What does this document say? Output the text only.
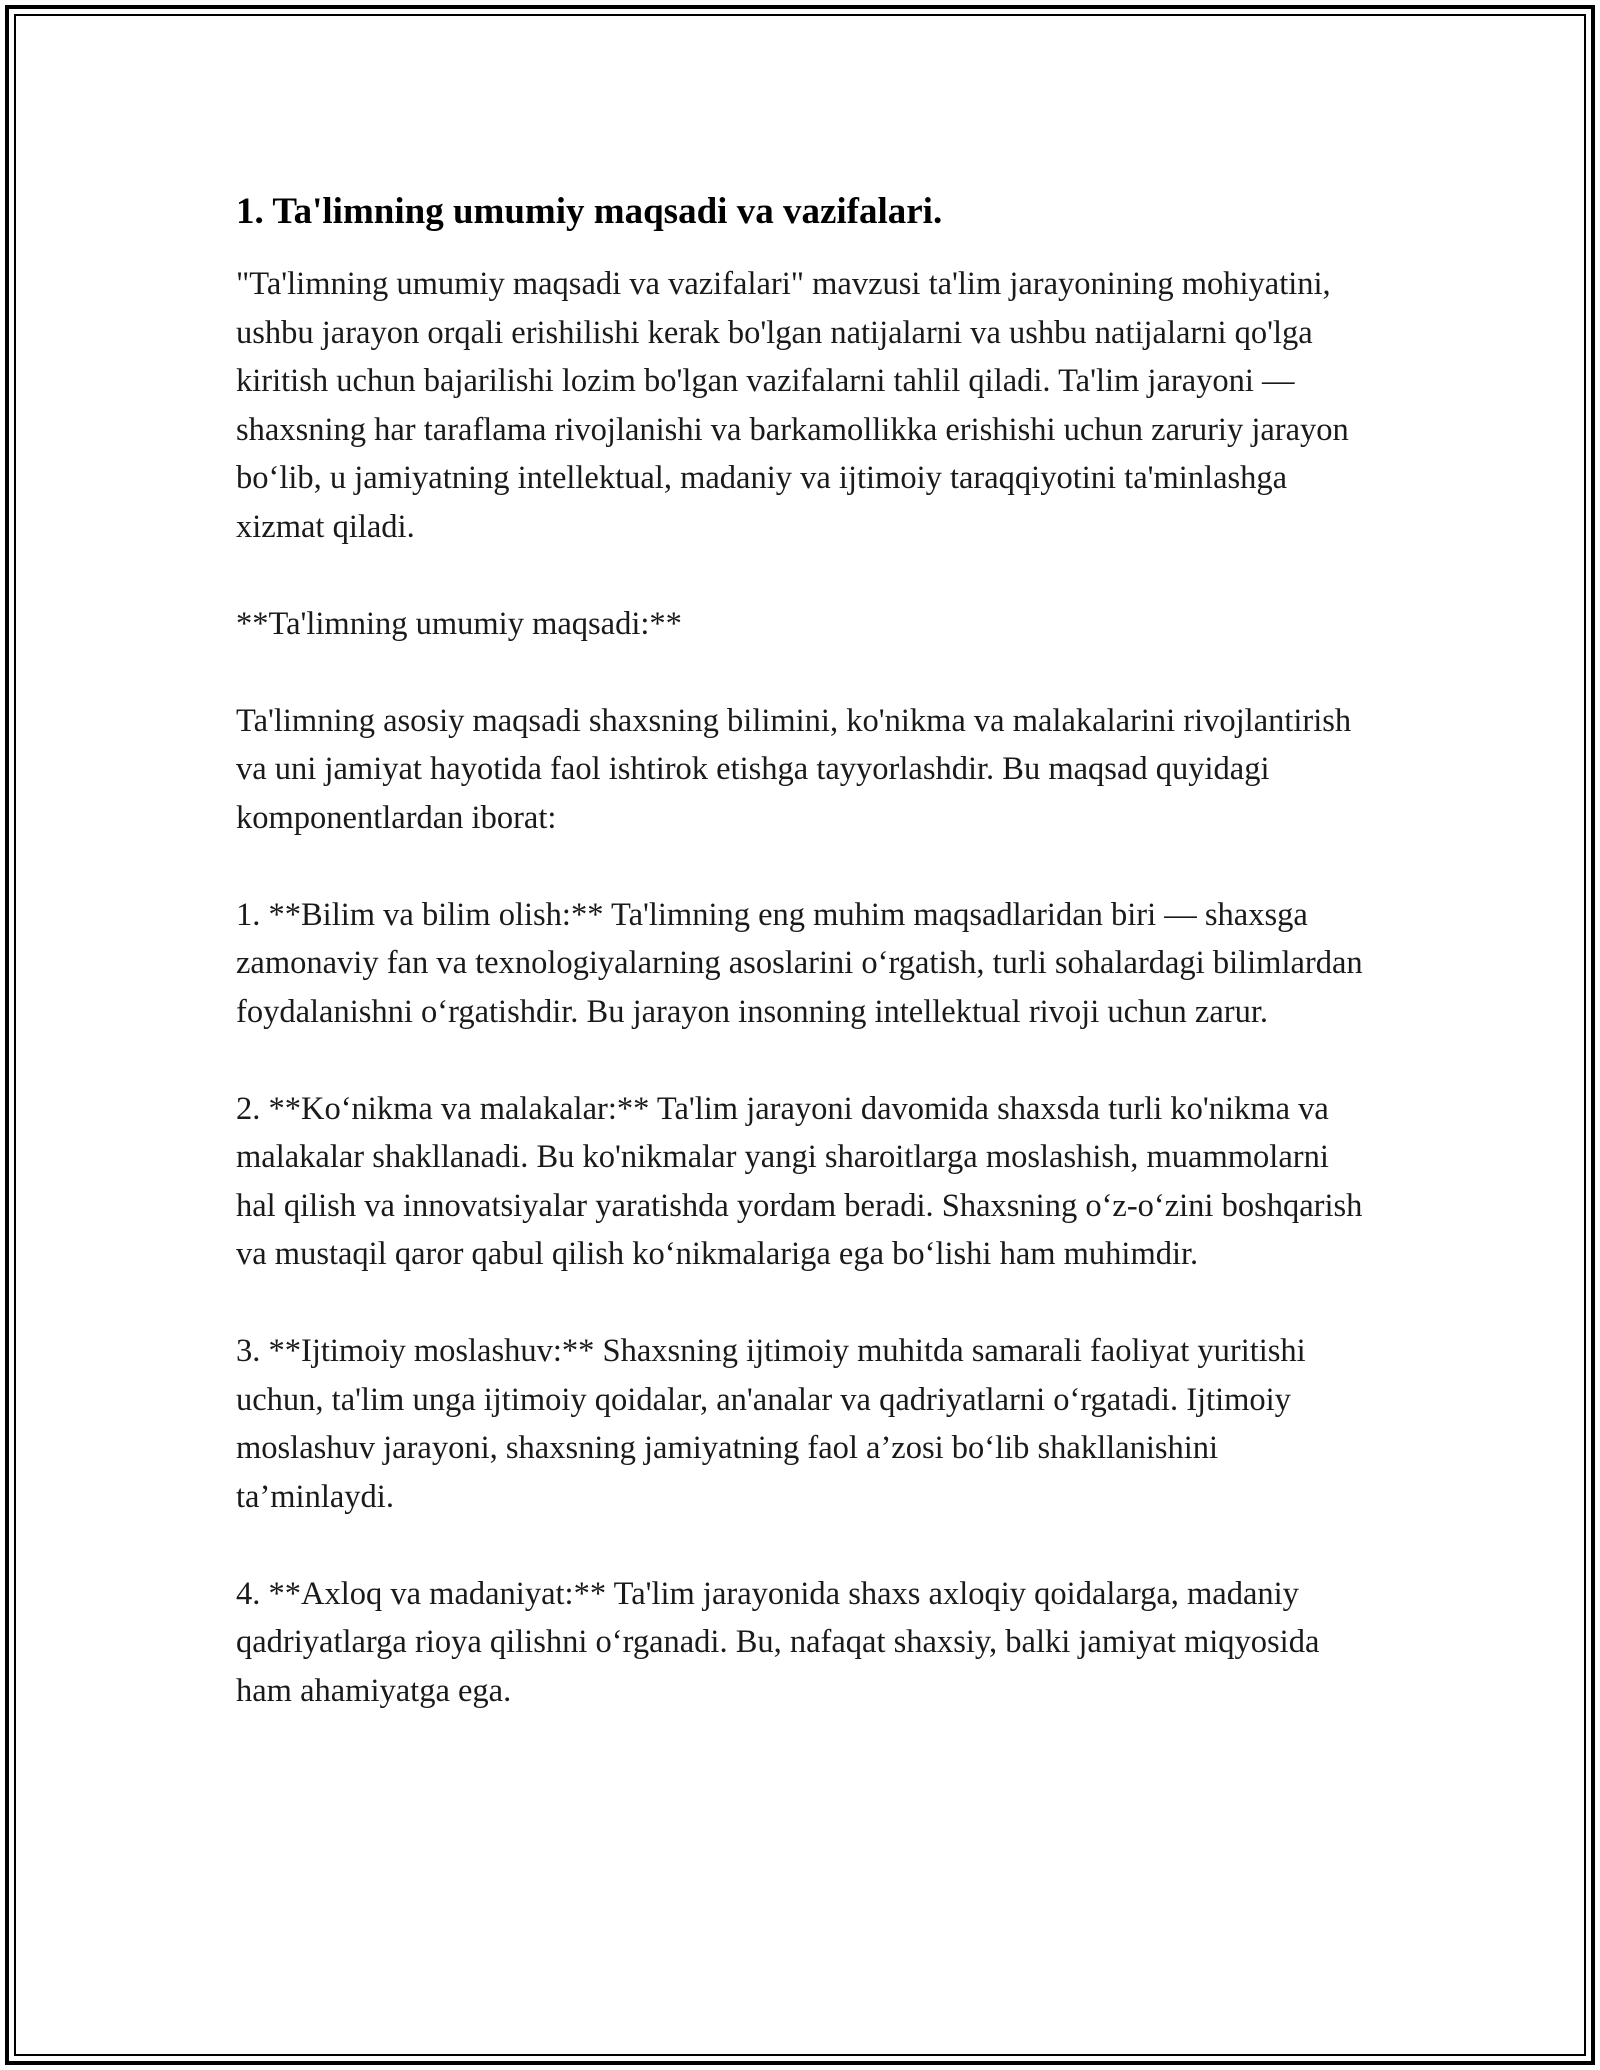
1. Ta'limning umumiy maqsadi va vazifalari.

"Ta'limning umumiy maqsadi va vazifalari" mavzusi ta'lim jarayonining mohiyatini, ushbu jarayon orqali erishilishi kerak bo'lgan natijalarni va ushbu natijalarni qo'lga kiritish uchun bajarilishi lozim bo'lgan vazifalarni tahlil qiladi. Ta'lim jarayoni — shaxsning har taraflama rivojlanishi va barkamollikka erishishi uchun zaruriy jarayon bo‘lib, u jamiyatning intellektual, madaniy va ijtimoiy taraqqiyotini ta'minlashga xizmat qiladi.

**Ta'limning umumiy maqsadi:**

Ta'limning asosiy maqsadi shaxsning bilimini, ko'nikma va malakalarini rivojlantirish va uni jamiyat hayotida faol ishtirok etishga tayyorlashdir. Bu maqsad quyidagi komponentlardan iborat:

1. **Bilim va bilim olish:** Ta'limning eng muhim maqsadlaridan biri — shaxsga zamonaviy fan va texnologiyalarning asoslarini o‘rgatish, turli sohalardagi bilimlardan foydalanishni o‘rgatishdir. Bu jarayon insonning intellektual rivoji uchun zarur.

2. **Ko‘nikma va malakalar:** Ta'lim jarayoni davomida shaxsda turli ko'nikma va malakalar shakllanadi. Bu ko'nikmalar yangi sharoitlarga moslashish, muammolarni hal qilish va innovatsiyalar yaratishda yordam beradi. Shaxsning o‘z-o‘zini boshqarish va mustaqil qaror qabul qilish ko‘nikmalariga ega bo‘lishi ham muhimdir.

3. **Ijtimoiy moslashuv:** Shaxsning ijtimoiy muhitda samarali faoliyat yuritishi uchun, ta'lim unga ijtimoiy qoidalar, an'analar va qadriyatlarni o‘rgatadi. Ijtimoiy moslashuv jarayoni, shaxsning jamiyatning faol a’zosi bo‘lib shakllanishini ta’minlaydi.

4. **Axloq va madaniyat:** Ta'lim jarayonida shaxs axloqiy qoidalarga, madaniy qadriyatlarga rioya qilishni o‘rganadi. Bu, nafaqat shaxsiy, balki jamiyat miqyosida ham ahamiyatga ega.
